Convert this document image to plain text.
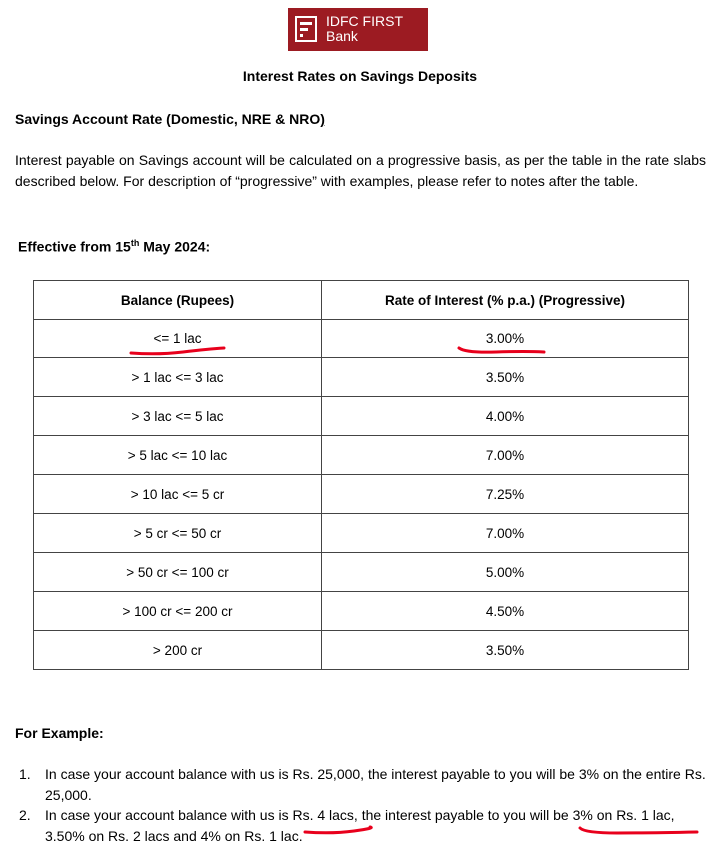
IDFC FIRST
Bank
Interest Rates on Savings Deposits
Savings Account Rate (Domestic, NRE & NRO)
Interest payable on Savings account will be calculated on a progressive basis, as per the table in the rate slabs described below. For description of “progressive” with examples, please refer to notes after the table.
Effective from 15th May 2024:
Balance (Rupees)	Rate of Interest (% p.a.) (Progressive)
<= 1 lac	3.00%
> 1 lac <= 3 lac	3.50%
> 3 lac <= 5 lac	4.00%
> 5 lac <= 10 lac	7.00%
> 10 lac <= 5 cr	7.25%
> 5 cr <= 50 cr	7.00%
> 50 cr <= 100 cr	5.00%
> 100 cr <= 200 cr	4.50%
> 200 cr	3.50%
For Example:
1. In case your account balance with us is Rs. 25,000, the interest payable to you will be 3% on the entire Rs. 25,000.
2. In case your account balance with us is Rs. 4 lacs, the interest payable to you will be 3% on Rs. 1 lac, 3.50% on Rs. 2 lacs and 4% on Rs. 1 lac.
